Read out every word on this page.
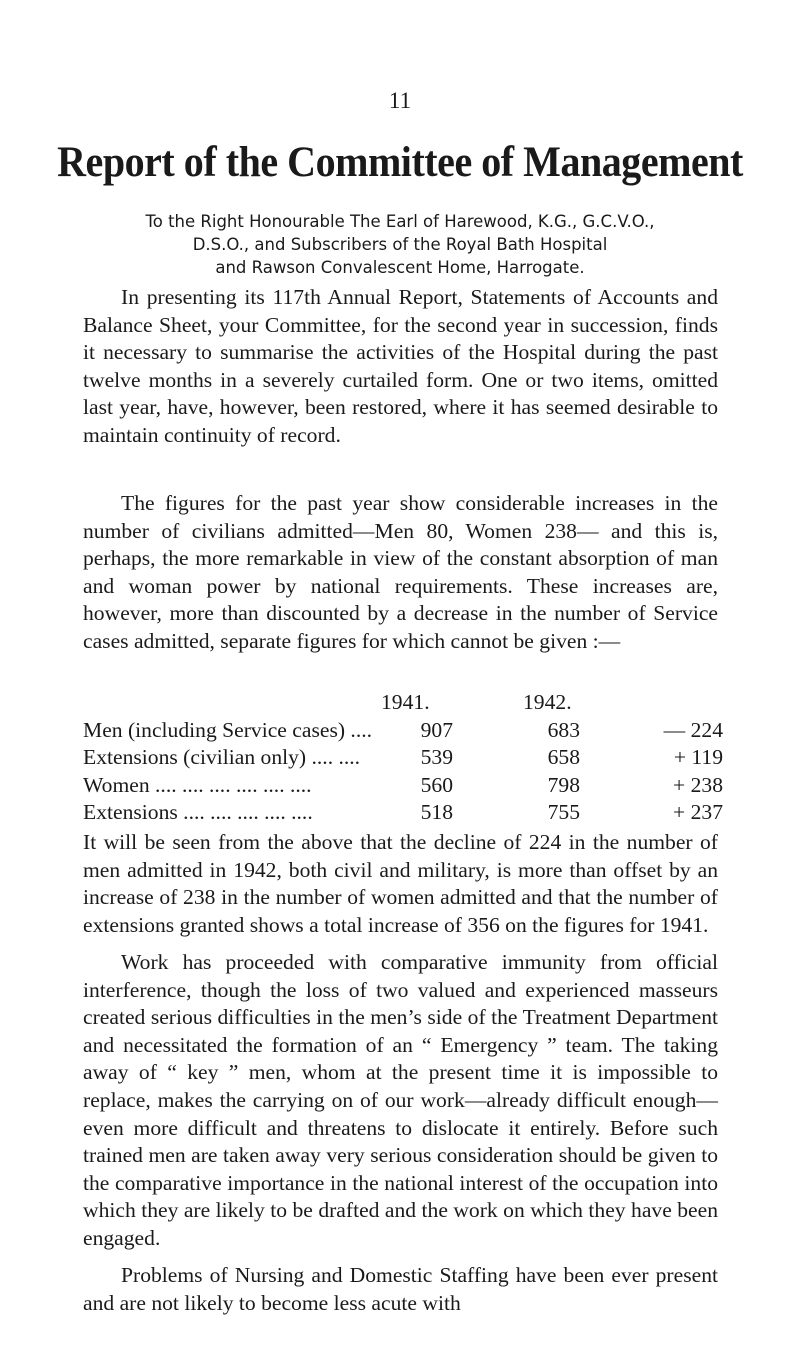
11
Report of the Committee of Management
To the Right Honourable The Earl of Harewood, K.G., G.C.V.O.,
D.S.O., and Subscribers of the Royal Bath Hospital
and Rawson Convalescent Home, Harrogate.

In presenting its 117th Annual Report, Statements of Accounts and Balance Sheet, your Committee, for the second year in succession, finds it necessary to summarise the activities of the Hospital during the past twelve months in a severely curtailed form. One or two items, omitted last year, have, however, been restored, where it has seemed desirable to maintain continuity of record.

The figures for the past year show considerable increases in the number of civilians admitted—Men 80, Women 238— and this is, perhaps, the more remarkable in view of the constant absorption of man and woman power by national requirements. These increases are, however, more than discounted by a decrease in the number of Service cases admitted, separate figures for which cannot be given :—

1941.	1942.
Men (including Service cases) .... 907	683	— 224
Extensions (civilian only) .... ....	539	658	+ 119
Women .... .... .... .... .... ....	560	798	+ 238
Extensions .... .... .... .... ....	518	755	+ 237

It will be seen from the above that the decline of 224 in the number of men admitted in 1942, both civil and military, is more than offset by an increase of 238 in the number of women admitted and that the number of extensions granted shows a total increase of 356 on the figures for 1941.

Work has proceeded with comparative immunity from official interference, though the loss of two valued and experienced masseurs created serious difficulties in the men’s side of the Treatment Department and necessitated the formation of an “ Emergency ” team. The taking away of “ key ” men, whom at the present time it is impossible to replace, makes the carrying on of our work—already difficult enough—even more difficult and threatens to dislocate it entirely. Before such trained men are taken away very serious consideration should be given to the comparative importance in the national interest of the occupation into which they are likely to be drafted and the work on which they have been engaged.

Problems of Nursing and Domestic Staffing have been ever present and are not likely to become less acute with
